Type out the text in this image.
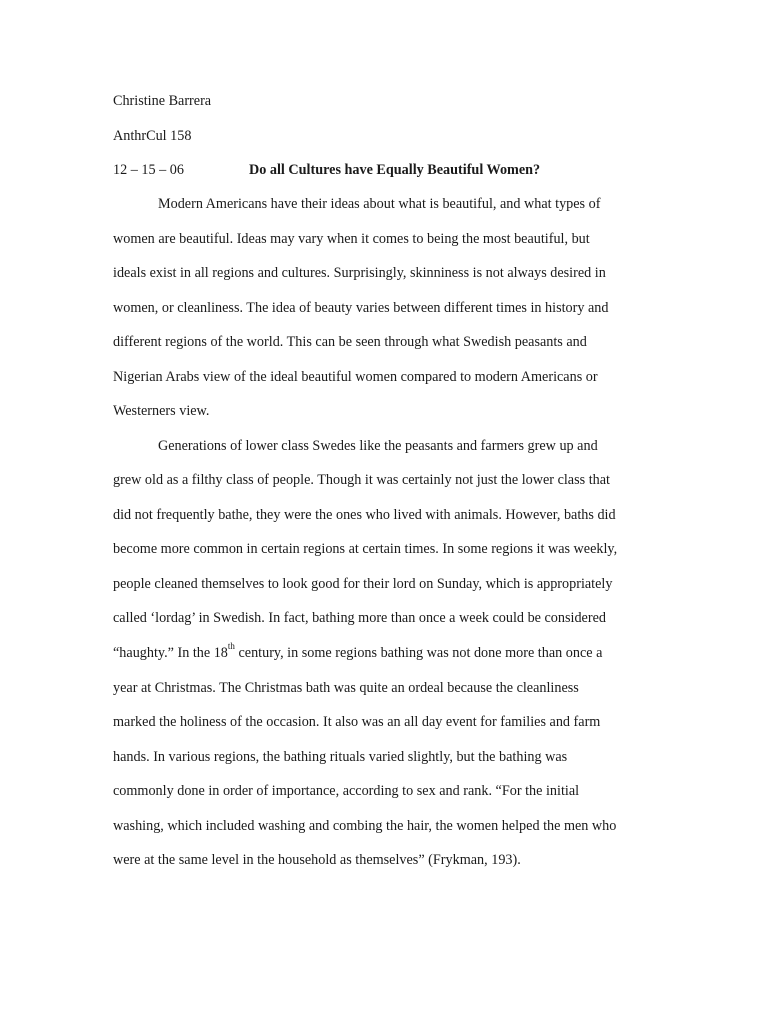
Christine Barrera
AnthrCul 158
12 – 15 – 06	Do all Cultures have Equally Beautiful Women?
Modern Americans have their ideas about what is beautiful, and what types of
women are beautiful. Ideas may vary when it comes to being the most beautiful, but
ideals exist in all regions and cultures. Surprisingly, skinniness is not always desired in
women, or cleanliness. The idea of beauty varies between different times in history and
different regions of the world. This can be seen through what Swedish peasants and
Nigerian Arabs view of the ideal beautiful women compared to modern Americans or
Westerners view.
Generations of lower class Swedes like the peasants and farmers grew up and
grew old as a filthy class of people. Though it was certainly not just the lower class that
did not frequently bathe, they were the ones who lived with animals. However, baths did
become more common in certain regions at certain times. In some regions it was weekly,
people cleaned themselves to look good for their lord on Sunday, which is appropriately
called ‘lordag’ in Swedish. In fact, bathing more than once a week could be considered
“haughty.” In the 18th century, in some regions bathing was not done more than once a
year at Christmas. The Christmas bath was quite an ordeal because the cleanliness
marked the holiness of the occasion. It also was an all day event for families and farm
hands. In various regions, the bathing rituals varied slightly, but the bathing was
commonly done in order of importance, according to sex and rank. “For the initial
washing, which included washing and combing the hair, the women helped the men who
were at the same level in the household as themselves” (Frykman, 193).
